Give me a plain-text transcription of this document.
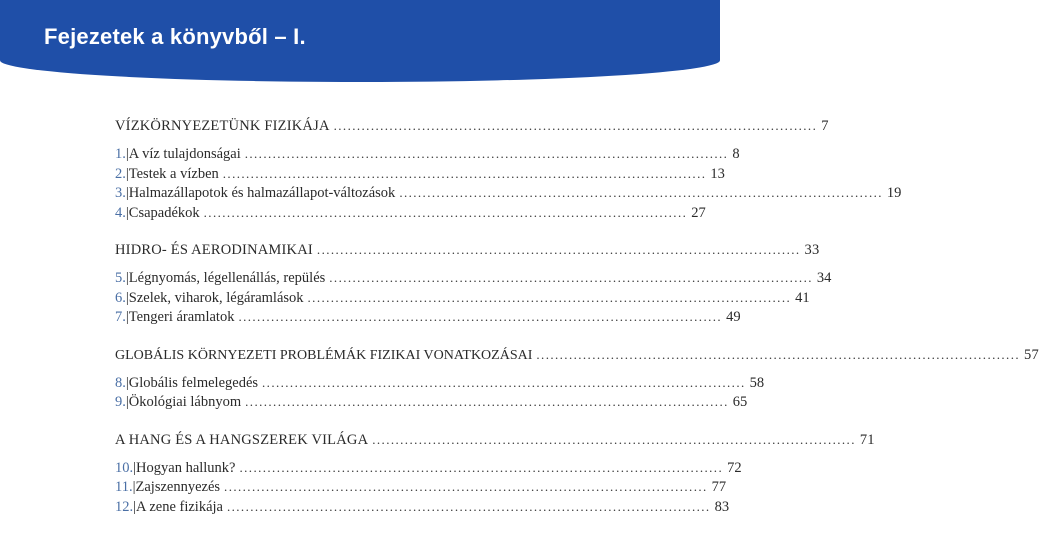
Fejezetek a könyvből – I.
VÍZKÖRNYEZETÜNK FIZIKÁJA ........................................................................................................ 7
1. | A víz tulajdonságai ........................................................................................................ 8
2. | Testek a vízben ........................................................................................................ 13
3. | Halmazállapotok és halmazállapot-változások ........................................................................................................ 19
4. | Csapadékok ........................................................................................................ 27
HIDRO- ÉS AERODINAMIKAI ........................................................................................................ 33
5. | Légnyomás, légellenállás, repülés ........................................................................................................ 34
6. | Szelek, viharok, légáramlások ........................................................................................................ 41
7. | Tengeri áramlatok ........................................................................................................ 49
GLOBÁLIS KÖRNYEZETI PROBLÉMÁK FIZIKAI VONATKOZÁSAI ........................................................................................................ 57
8. | Globális felmelegedés ........................................................................................................ 58
9. | Ökológiai lábnyom ........................................................................................................ 65
A HANG ÉS A HANGSZEREK VILÁGA ........................................................................................................ 71
10. | Hogyan hallunk? ........................................................................................................ 72
11. | Zajszennyezés ........................................................................................................ 77
12. | A zene fizikája ........................................................................................................ 83
